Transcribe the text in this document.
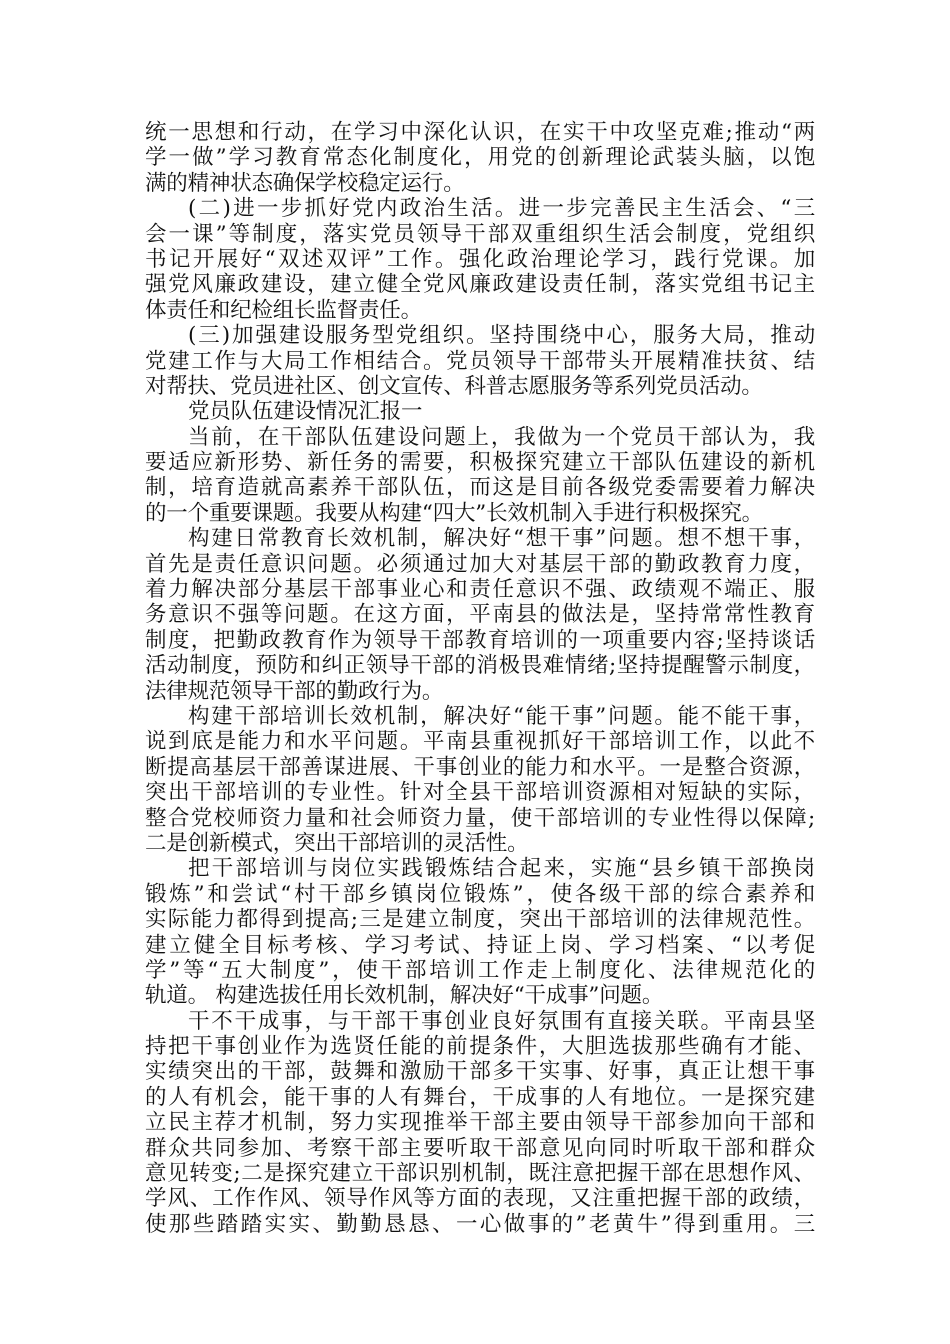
统一思想和行动，在学习中深化认识，在实干中攻坚克难;推动“两
学一做”学习教育常态化制度化，用党的创新理论武装头脑，以饱
满的精神状态确保学校稳定运行。
(二)进一步抓好党内政治生活。进一步完善民主生活会、“三
会一课”等制度，落实党员领导干部双重组织生活会制度，党组织
书记开展好“双述双评”工作。强化政治理论学习，践行党课。加
强党风廉政建设，建立健全党风廉政建设责任制，落实党组书记主
体责任和纪检组长监督责任。
(三)加强建设服务型党组织。坚持围绕中心，服务大局，推动
党建工作与大局工作相结合。党员领导干部带头开展精准扶贫、结
对帮扶、党员进社区、创文宣传、科普志愿服务等系列党员活动。
党员队伍建设情况汇报一
当前，在干部队伍建设问题上，我做为一个党员干部认为，我
要适应新形势、新任务的需要，积极探究建立干部队伍建设的新机
制，培育造就高素养干部队伍，而这是目前各级党委需要着力解决
的一个重要课题。我要从构建“四大”长效机制入手进行积极探究。
构建日常教育长效机制，解决好“想干事”问题。想不想干事，
首先是责任意识问题。必须通过加大对基层干部的勤政教育力度，
着力解决部分基层干部事业心和责任意识不强、政绩观不端正、服
务意识不强等问题。在这方面，平南县的做法是，坚持常常性教育
制度，把勤政教育作为领导干部教育培训的一项重要内容;坚持谈话
活动制度，预防和纠正领导干部的消极畏难情绪;坚持提醒警示制度，
法律规范领导干部的勤政行为。
构建干部培训长效机制，解决好“能干事”问题。能不能干事，
说到底是能力和水平问题。平南县重视抓好干部培训工作，以此不
断提高基层干部善谋进展、干事创业的能力和水平。一是整合资源，
突出干部培训的专业性。针对全县干部培训资源相对短缺的实际，
整合党校师资力量和社会师资力量，使干部培训的专业性得以保障;
二是创新模式，突出干部培训的灵活性。
把干部培训与岗位实践锻炼结合起来，实施“县乡镇干部换岗
锻炼”和尝试“村干部乡镇岗位锻炼”，使各级干部的综合素养和
实际能力都得到提高;三是建立制度，突出干部培训的法律规范性。
建立健全目标考核、学习考试、持证上岗、学习档案、“以考促
学”等“五大制度”，使干部培训工作走上制度化、法律规范化的
轨道。 构建选拔任用长效机制，解决好“干成事”问题。
干不干成事，与干部干事创业良好氛围有直接关联。平南县坚
持把干事创业作为选贤任能的前提条件，大胆选拔那些确有才能、
实绩突出的干部，鼓舞和激励干部多干实事、好事，真正让想干事
的人有机会，能干事的人有舞台，干成事的人有地位。一是探究建
立民主荐才机制，努力实现推举干部主要由领导干部参加向干部和
群众共同参加、考察干部主要听取干部意见向同时听取干部和群众
意见转变;二是探究建立干部识别机制，既注意把握干部在思想作风、
学风、工作作风、领导作风等方面的表现，又注重把握干部的政绩，
使那些踏踏实实、勤勤恳恳、一心做事的”老黄牛”得到重用。三
